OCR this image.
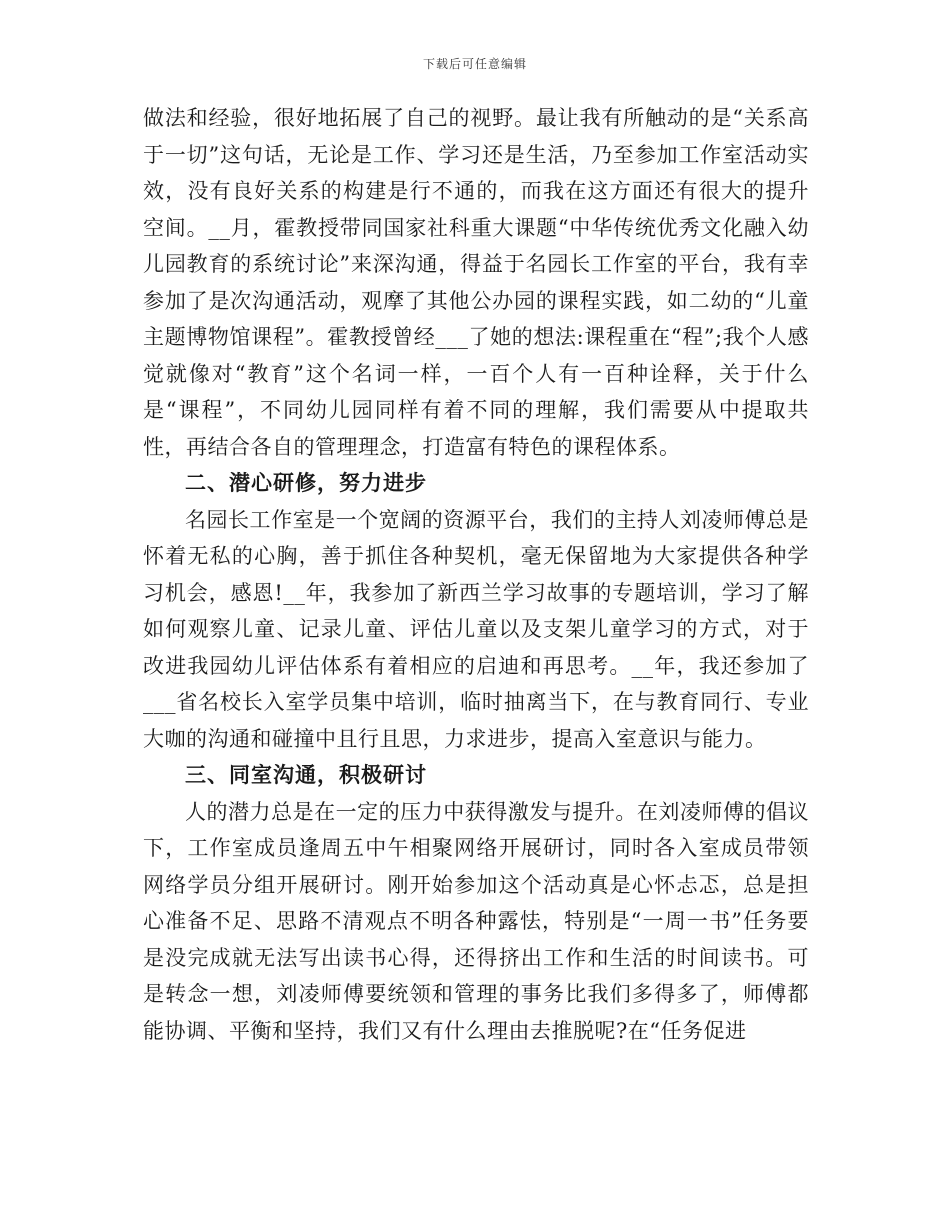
下载后可任意编辑

做法和经验，很好地拓展了自己的视野。最让我有所触动的是“关系高于一切”这句话，无论是工作、学习还是生活，乃至参加工作室活动实效，没有良好关系的构建是行不通的，而我在这方面还有很大的提升空间。__月，霍教授带同国家社科重大课题“中华传统优秀文化融入幼儿园教育的系统讨论”来深沟通，得益于名园长工作室的平台，我有幸参加了是次沟通活动，观摩了其他公办园的课程实践，如二幼的“儿童主题博物馆课程”。霍教授曾经___了她的想法:课程重在“程”;我个人感觉就像对“教育”这个名词一样，一百个人有一百种诠释，关于什么是“课程”，不同幼儿园同样有着不同的理解，我们需要从中提取共性，再结合各自的管理理念，打造富有特色的课程体系。

二、潜心研修，努力进步

名园长工作室是一个宽阔的资源平台，我们的主持人刘凌师傅总是怀着无私的心胸，善于抓住各种契机，毫无保留地为大家提供各种学习机会，感恩!__年，我参加了新西兰学习故事的专题培训，学习了解如何观察儿童、记录儿童、评估儿童以及支架儿童学习的方式，对于改进我园幼儿评估体系有着相应的启迪和再思考。__年，我还参加了___省名校长入室学员集中培训，临时抽离当下，在与教育同行、专业大咖的沟通和碰撞中且行且思，力求进步，提高入室意识与能力。

三、同室沟通，积极研讨

人的潜力总是在一定的压力中获得激发与提升。在刘凌师傅的倡议下，工作室成员逢周五中午相聚网络开展研讨，同时各入室成员带领网络学员分组开展研讨。刚开始参加这个活动真是心怀忐忑，总是担心准备不足、思路不清观点不明各种露怯，特别是“一周一书”任务要是没完成就无法写出读书心得，还得挤出工作和生活的时间读书。可是转念一想，刘凌师傅要统领和管理的事务比我们多得多了，师傅都能协调、平衡和坚持，我们又有什么理由去推脱呢?在“任务促进
